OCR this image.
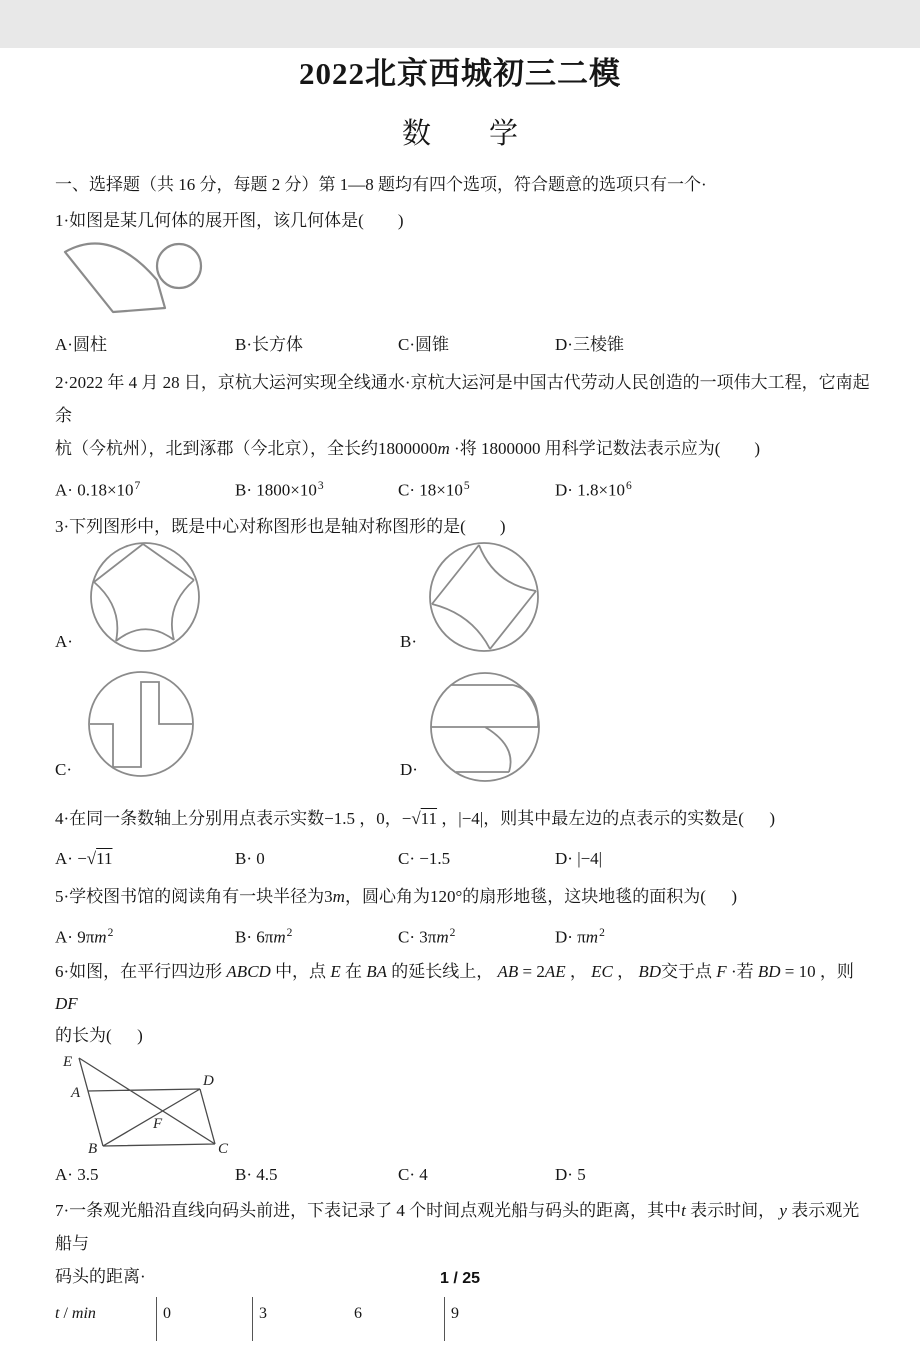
2022北京西城初三二模
数　　学

一、选择题（共 16 分，每题 2 分）第 1—8 题均有四个选项，符合题意的选项只有一个·

1·如图是某几何体的展开图，该几何体是(        )

A·圆柱	B·长方体	C·圆锥	D·三棱锥

2·2022 年 4 月 28 日，京杭大运河实现全线通水·京杭大运河是中国古代劳动人民创造的一项伟大工程，它南起余

杭（今杭州），北到涿郡（今北京），全长约1800000m ·将 1800000 用科学记数法表示应为(        )

$A\cdot 0.18\times 10^7$	$B\cdot 1800\times 10^3$	$C\cdot 18\times 10^5$	$D\cdot 1.8\times 10^6$

3·下列图形中，既是中心对称图形也是轴对称图形的是(        )

A·	B·
C·	D·

4·在同一条数轴上分别用点表示实数−1.5 ，0，−√11 ，|−4|，则其中最左边的点表示的实数是(      )

A· −√11	B· 0	C· −1.5	D· |−4|

5·学校图书馆的阅读角有一块半径为3m，圆心角为120°的扇形地毯，这块地毯的面积为(      )

$A\cdot 9\pi m^2$	$B\cdot 6\pi m^2$	$C\cdot 3\pi m^2$	$D\cdot \pi m^2$

6·如图，在平行四边形 ABCD 中，点 E 在 BA 的延长线上， AB = 2AE ， EC ， BD交于点 F ·若 BD = 10 ，则 DF

的长为(      )

E
A
D
B	C
F
A· 3.5	B· 4.5	C· 4	D· 5

7·一条观光船沿直线向码头前进，下表记录了 4 个时间点观光船与码头的距离，其中t 表示时间， y 表示观光船与

码头的距离·

t / min	0	3	6	9
1 / 25
